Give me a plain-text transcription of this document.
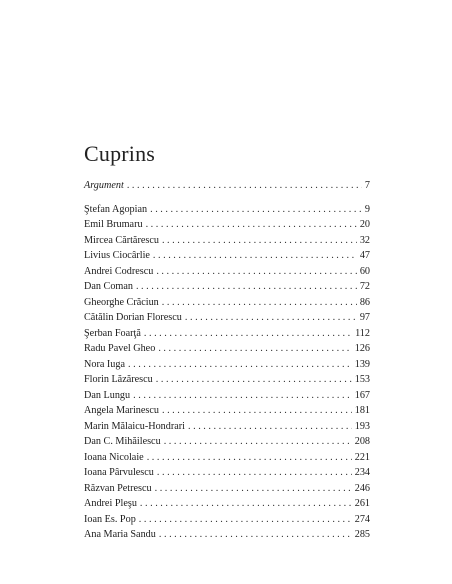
Cuprins
Argument . . .	7
Ştefan Agopian . . .	9
Emil Brumaru . . .	20
Mircea Cărtărescu . . .	32
Livius Ciocârlie . . .	47
Andrei Codrescu . . .	60
Dan Coman . . .	72
Gheorghe Crăciun . . .	86
Cătălin Dorian Florescu . . .	97
Şerban Foarţă . . .	112
Radu Pavel Gheo . . .	126
Nora Iuga . . .	139
Florin Lăzărescu . . .	153
Dan Lungu . . .	167
Angela Marinescu . . .	181
Marin Mălaicu-Hondrari . . .	193
Dan C. Mihăilescu . . .	208
Ioana Nicolaie . . .	221
Ioana Pârvulescu . . .	234
Răzvan Petrescu . . .	246
Andrei Pleşu . . .	261
Ioan Es. Pop . . .	274
Ana Maria Sandu . . .	285
